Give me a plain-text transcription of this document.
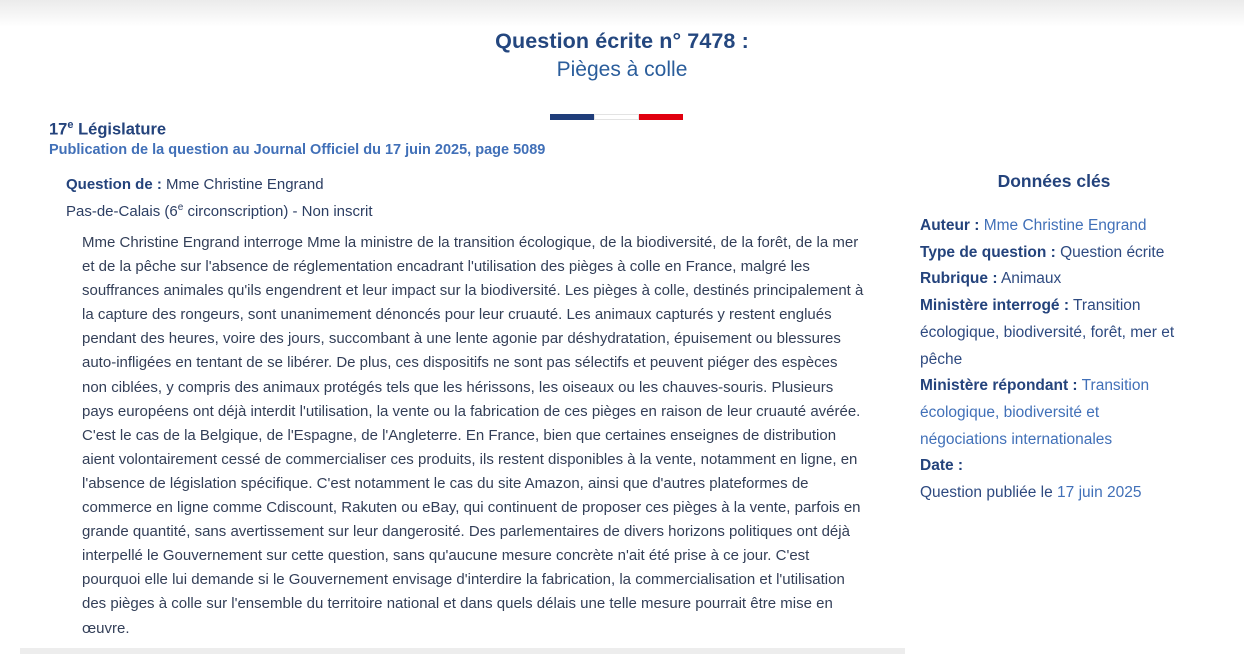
Question écrite n° 7478 :
Pièges à colle
17e Législature
Publication de la question au Journal Officiel du 17 juin 2025, page 5089
Question de : Mme Christine Engrand
Pas-de-Calais (6e circonscription) - Non inscrit

Mme Christine Engrand interroge Mme la ministre de la transition écologique, de la biodiversité, de la forêt, de la mer et de la pêche sur l'absence de réglementation encadrant l'utilisation des pièges à colle en France, malgré les souffrances animales qu'ils engendrent et leur impact sur la biodiversité. Les pièges à colle, destinés principalement à la capture des rongeurs, sont unanimement dénoncés pour leur cruauté. Les animaux capturés y restent englués pendant des heures, voire des jours, succombant à une lente agonie par déshydratation, épuisement ou blessures auto-infligées en tentant de se libérer. De plus, ces dispositifs ne sont pas sélectifs et peuvent piéger des espèces non ciblées, y compris des animaux protégés tels que les hérissons, les oiseaux ou les chauves-souris. Plusieurs pays européens ont déjà interdit l'utilisation, la vente ou la fabrication de ces pièges en raison de leur cruauté avérée. C'est le cas de la Belgique, de l'Espagne, de l'Angleterre. En France, bien que certaines enseignes de distribution aient volontairement cessé de commercialiser ces produits, ils restent disponibles à la vente, notamment en ligne, en l'absence de législation spécifique. C'est notamment le cas du site Amazon, ainsi que d'autres plateformes de commerce en ligne comme Cdiscount, Rakuten ou eBay, qui continuent de proposer ces pièges à la vente, parfois en grande quantité, sans avertissement sur leur dangerosité. Des parlementaires de divers horizons politiques ont déjà interpellé le Gouvernement sur cette question, sans qu'aucune mesure concrète n'ait été prise à ce jour. C'est pourquoi elle lui demande si le Gouvernement envisage d'interdire la fabrication, la commercialisation et l'utilisation des pièges à colle sur l'ensemble du territoire national et dans quels délais une telle mesure pourrait être mise en œuvre.

Données clés
Auteur : Mme Christine Engrand
Type de question : Question écrite
Rubrique : Animaux
Ministère interrogé : Transition écologique, biodiversité, forêt, mer et pêche
Ministère répondant : Transition écologique, biodiversité et négociations internationales
Date :
Question publiée le 17 juin 2025
